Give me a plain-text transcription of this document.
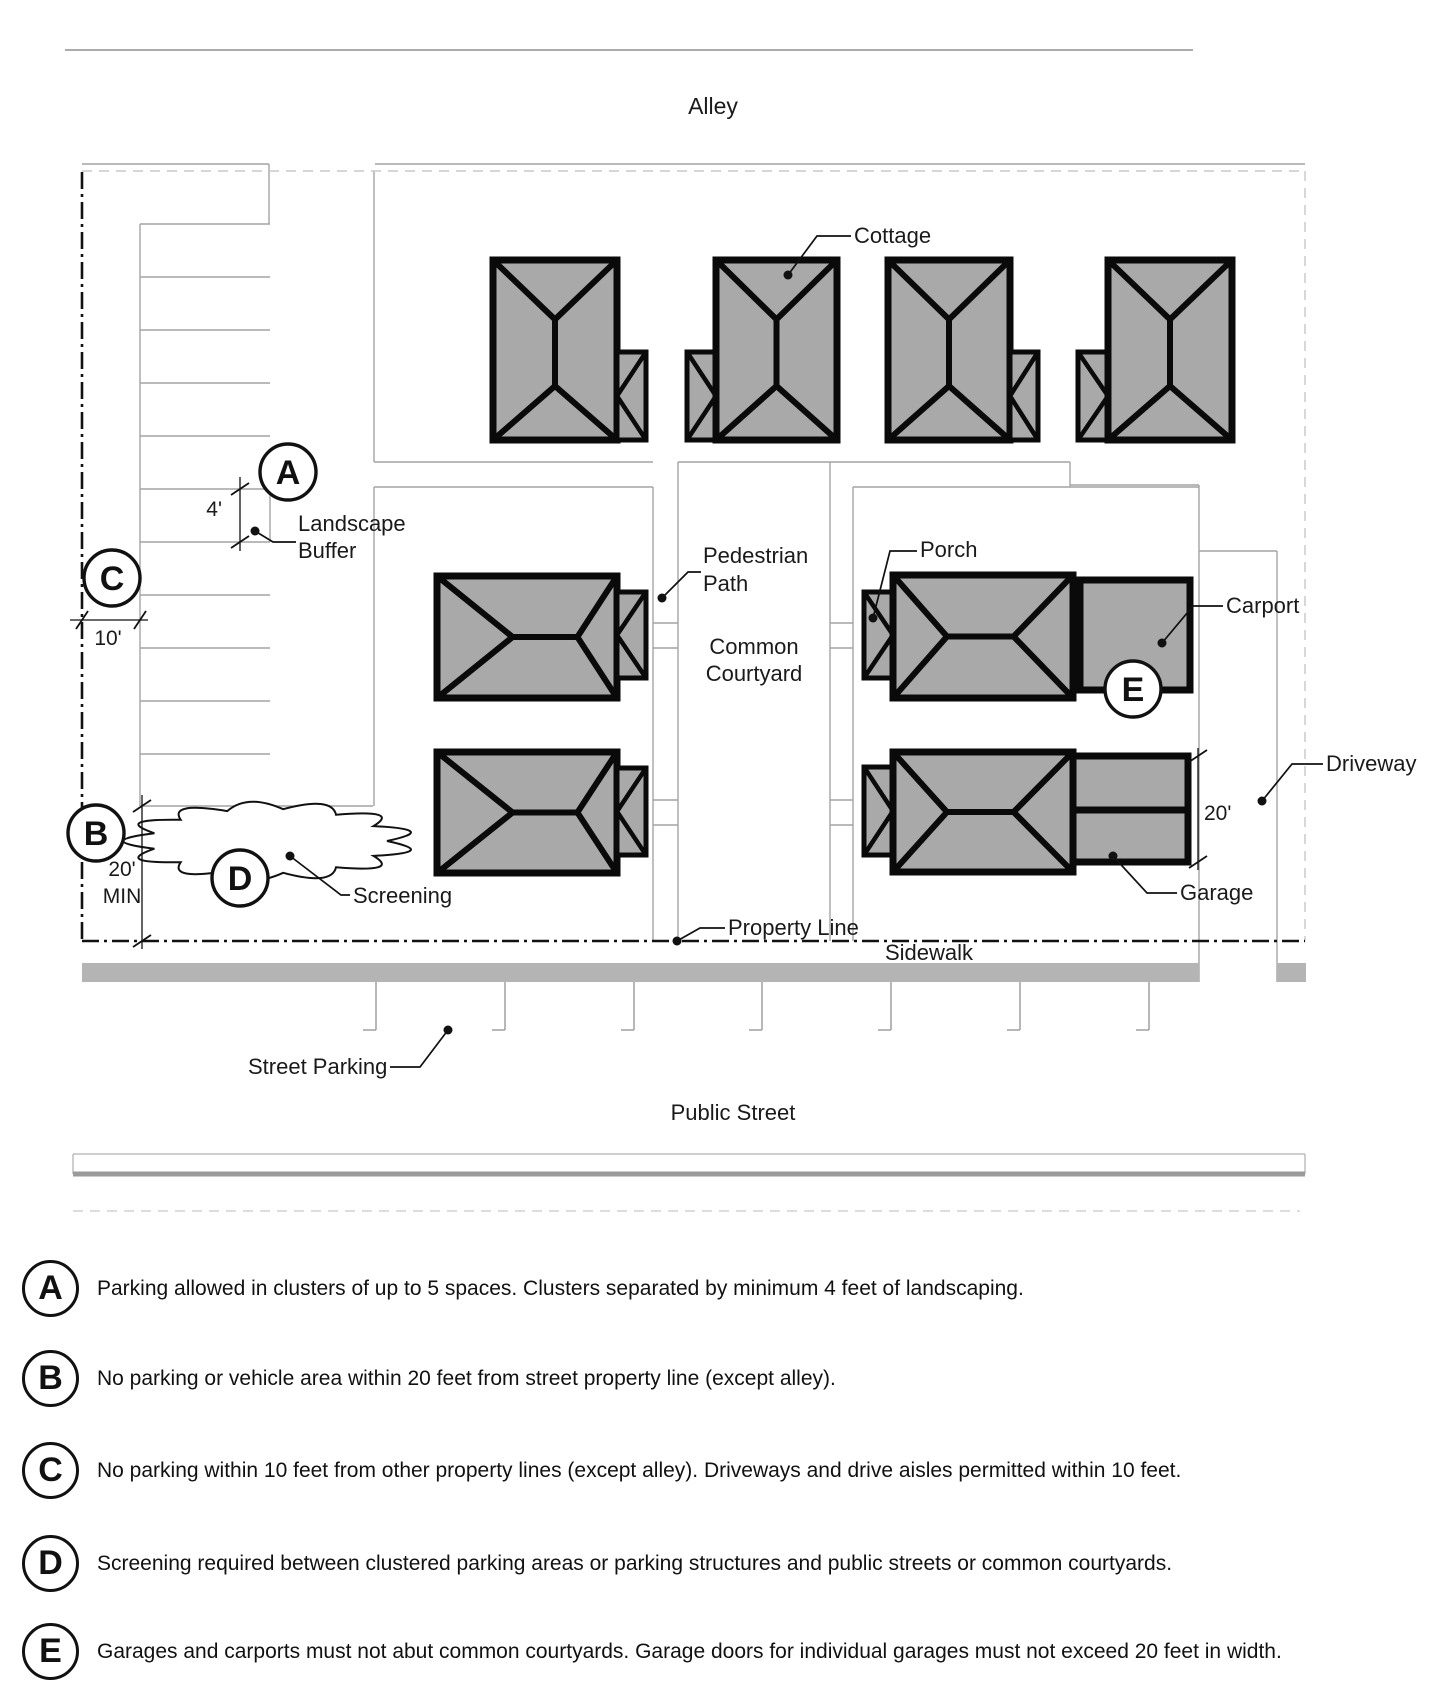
4'
10'
20'
MIN
20'
Alley
Cottage
Landscape
Buffer	Pedestrian
Path
Common
Courtyard
Porch
Carport
Driveway
Garage
Screening
Property Line
Sidewalk
Street Parking
Public Street
A
B
C
D
E
A	Parking allowed in clusters of up to 5 spaces. Clusters separated by minimum 4 feet of landscaping.
B	No parking or vehicle area within 20 feet from street property line (except alley).
C	No parking within 10 feet from other property lines (except alley). Driveways and drive aisles permitted within 10 feet.
D	Screening required between clustered parking areas or parking structures and public streets or common courtyards.
E	Garages and carports must not abut common courtyards. Garage doors for individual garages must not exceed 20 feet in width.
